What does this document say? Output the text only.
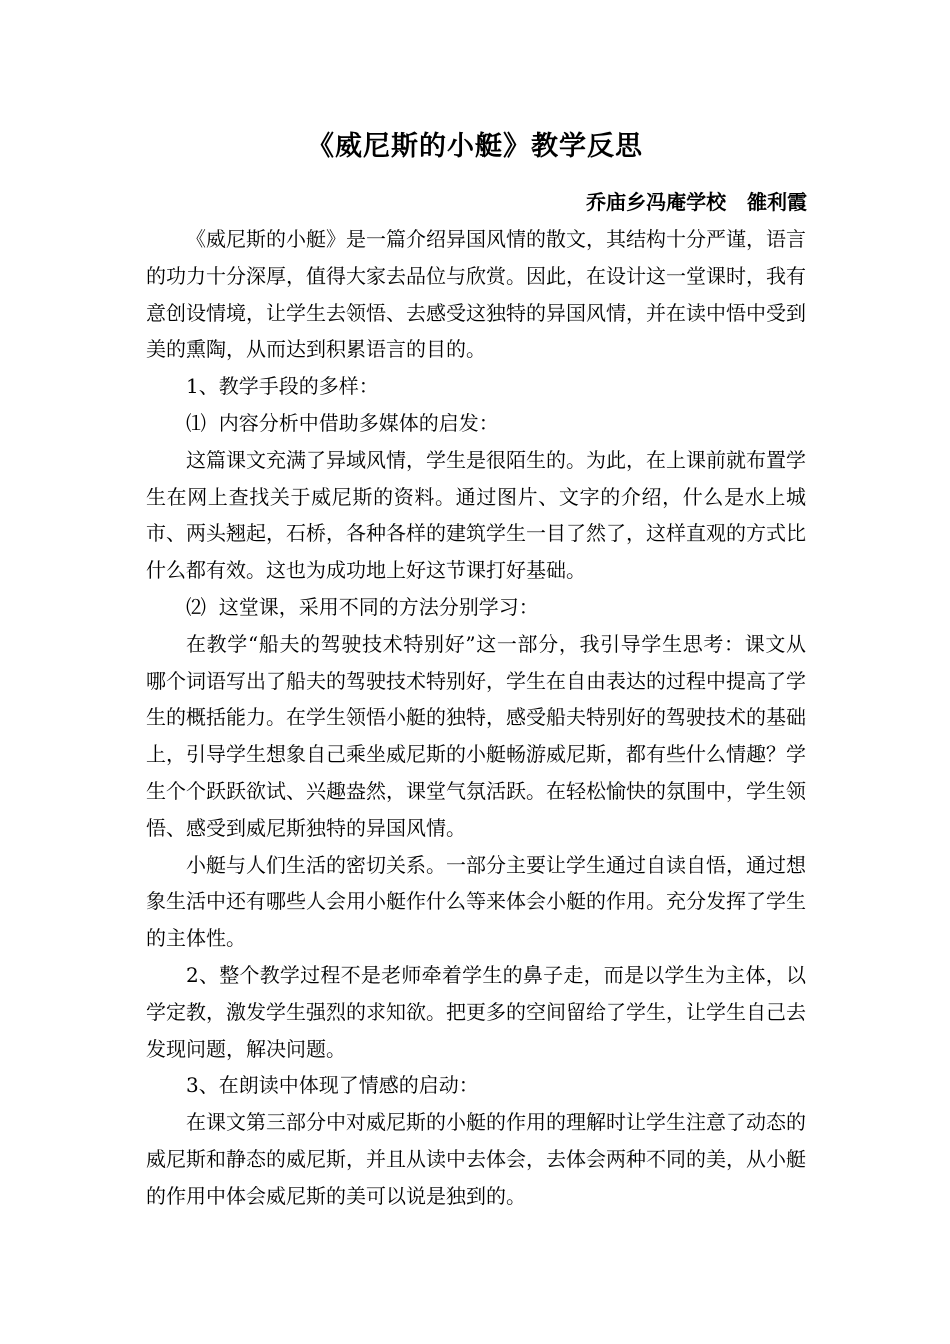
《威尼斯的小艇》教学反思
乔庙乡冯庵学校   雒利霞

《威尼斯的小艇》是一篇介绍异国风情的散文，其结构十分严谨，语言的功力十分深厚，值得大家去品位与欣赏。因此，在设计这一堂课时，我有意创设情境，让学生去领悟、去感受这独特的异国风情，并在读中悟中受到美的熏陶，从而达到积累语言的目的。

1、教学手段的多样：

⑴  内容分析中借助多媒体的启发：

这篇课文充满了异域风情，学生是很陌生的。为此，在上课前就布置学生在网上查找关于威尼斯的资料。通过图片、文字的介绍，什么是水上城市、两头翘起，石桥，各种各样的建筑学生一目了然了，这样直观的方式比什么都有效。这也为成功地上好这节课打好基础。

⑵  这堂课，采用不同的方法分别学习：

在教学“船夫的驾驶技术特别好”这一部分，我引导学生思考：课文从哪个词语写出了船夫的驾驶技术特别好，学生在自由表达的过程中提高了学生的概括能力。在学生领悟小艇的独特，感受船夫特别好的驾驶技术的基础上，引导学生想象自己乘坐威尼斯的小艇畅游威尼斯，都有些什么情趣？学生个个跃跃欲试、兴趣盎然，课堂气氛活跃。在轻松愉快的氛围中，学生领悟、感受到威尼斯独特的异国风情。

小艇与人们生活的密切关系。一部分主要让学生通过自读自悟，通过想象生活中还有哪些人会用小艇作什么等来体会小艇的作用。充分发挥了学生的主体性。

2、整个教学过程不是老师牵着学生的鼻子走，而是以学生为主体，以学定教，激发学生强烈的求知欲。把更多的空间留给了学生，让学生自己去发现问题，解决问题。

3、在朗读中体现了情感的启动：

在课文第三部分中对威尼斯的小艇的作用的理解时让学生注意了动态的威尼斯和静态的威尼斯，并且从读中去体会，去体会两种不同的美，从小艇的作用中体会威尼斯的美可以说是独到的。
